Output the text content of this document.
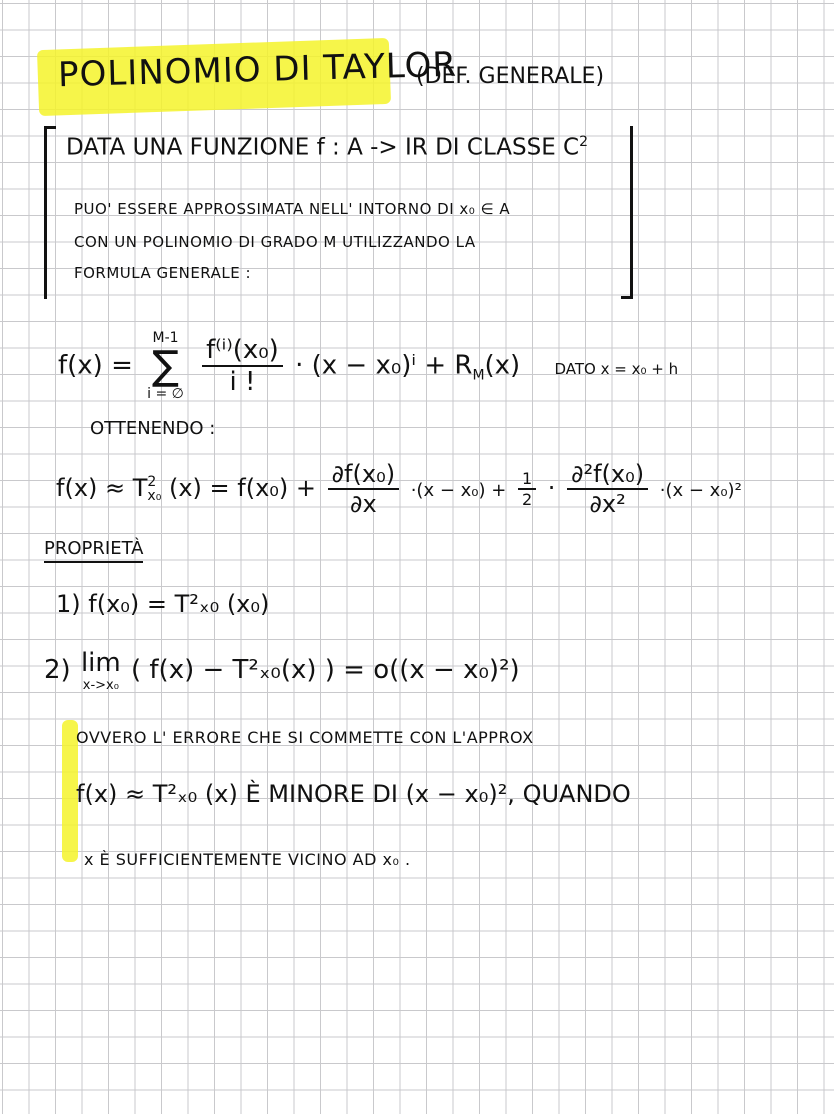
POLINOMIO DI TAYLOR
(DEF. GENERALE)
DATA UNA FUNZIONE f : A -> IR DI CLASSE $C^2$
PUO' ESSERE APPROSSIMATA NELL' INTORNO DI x₀ ∈ A
CON UN POLINOMIO DI GRADO M UTILIZZANDO LA
FORMULA GENERALE :
f(x) =
M-1
∑
i = ∅
$\frac{\text{f⁽ⁱ⁾(x₀)}}{i !} \cdot (x - x_0)^i + R_M(x)$ DATO x = x₀ + h
OTTENENDO :
f(x) ≈ T 2
x₀ $(x) = f(x_0) + \frac{\text{∂f(x₀)}}{\partial x} \cdot(x - x_0) + \frac{1}{2} \cdot \frac{\text{∂²f(x₀)}}{\text{∂x²}} \cdot(x - x_0)^2$
PROPRIETÀ
1) f(x₀) = T²ₓ₀ (x₀)
2) lim
x->x₀
( f(x) − T²ₓ₀(x) ) = o((x − x₀)²)
OVVERO L' ERRORE CHE SI COMMETTE CON L'APPROX
f(x) ≈ T²ₓ₀ (x) È MINORE DI (x − x₀)², QUANDO
x È SUFFICIENTEMENTE VICINO AD x₀ .
